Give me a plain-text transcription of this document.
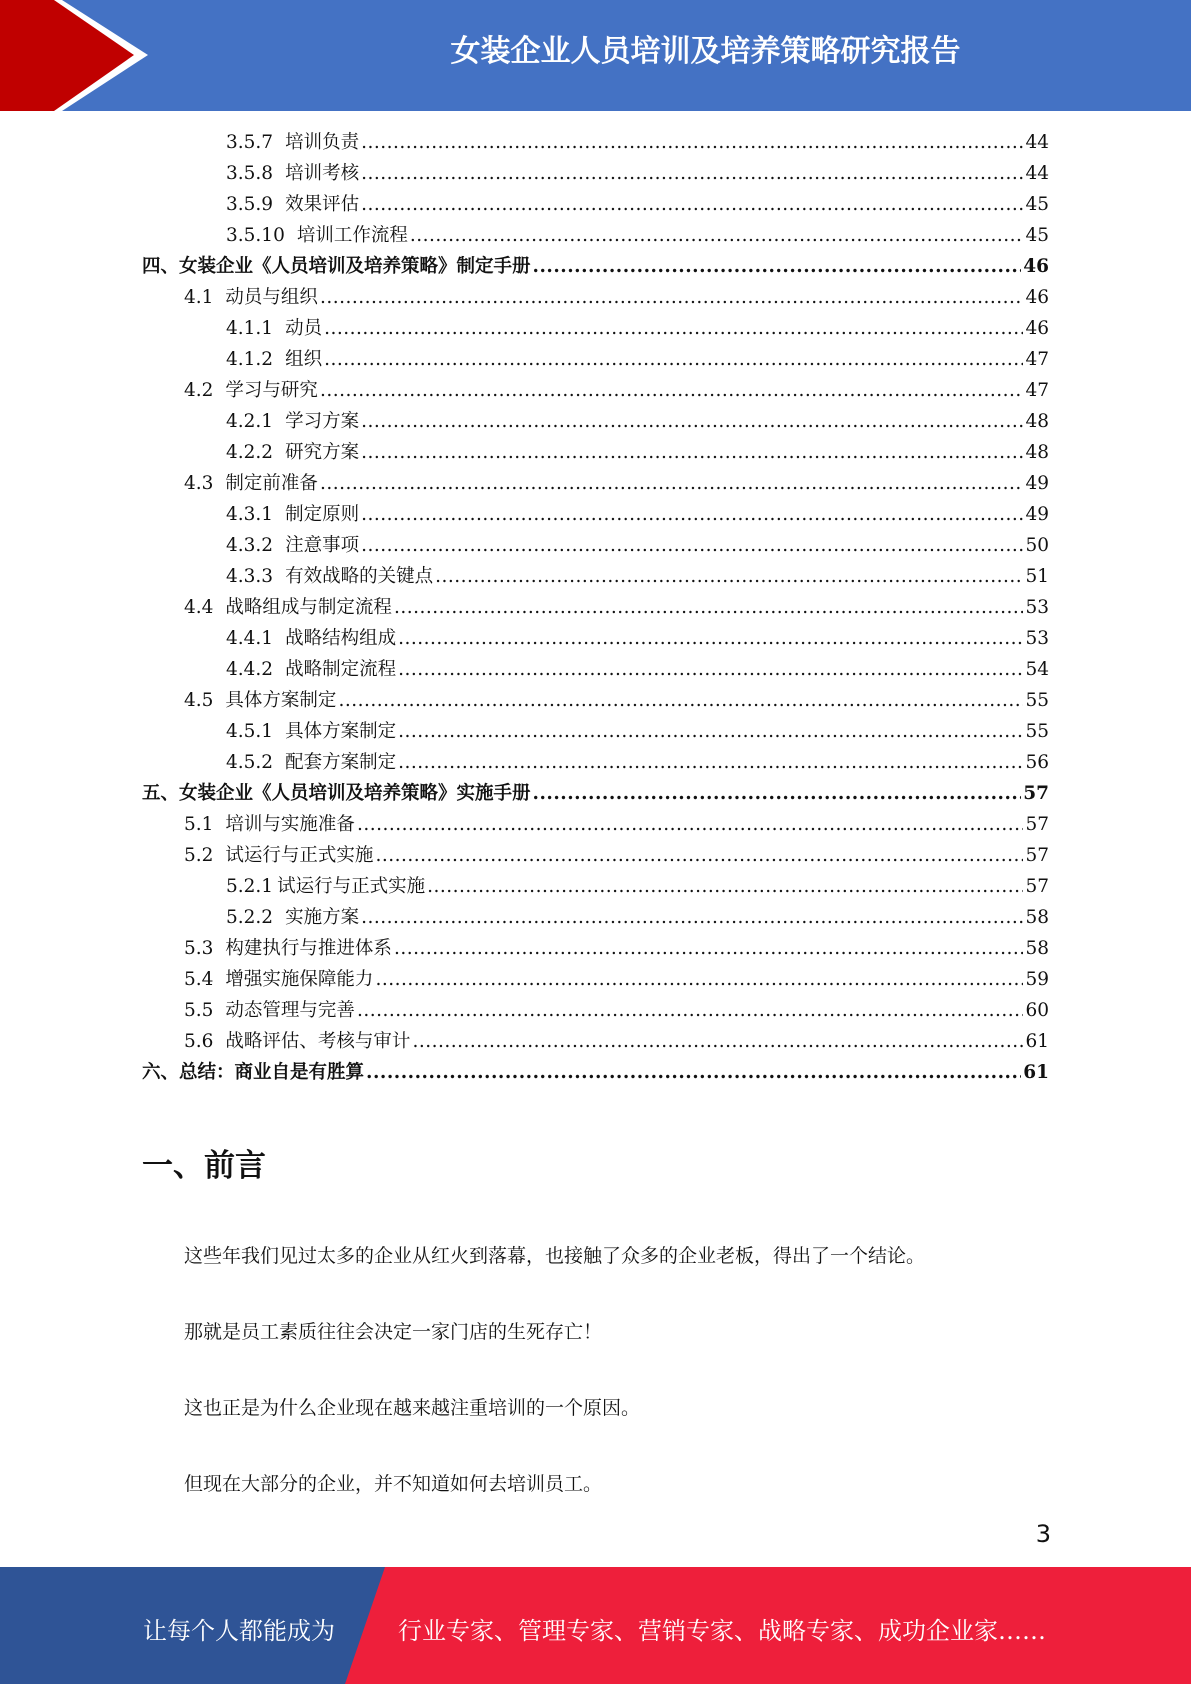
女装企业人员培训及培养策略研究报告
3.5.7 培训负责 .....	44
3.5.8 培训考核 .....	44
3.5.9 效果评估 .....	45
3.5.10 培训工作流程 .....	45
四、女装企业《人员培训及培养策略》制定手册 .....	46
4.1 动员与组织 .....	46
4.1.1 动员 .....	46
4.1.2 组织 .....	47
4.2 学习与研究 .....	47
4.2.1 学习方案 .....	48
4.2.2 研究方案 .....	48
4.3 制定前准备 .....	49
4.3.1 制定原则 .....	49
4.3.2 注意事项 .....	50
4.3.3 有效战略的关键点 .....	51
4.4 战略组成与制定流程 .....	53
4.4.1 战略结构组成 .....	53
4.4.2 战略制定流程 .....	54
4.5 具体方案制定 .....	55
4.5.1 具体方案制定 .....	55
4.5.2 配套方案制定 .....	56
五、女装企业《人员培训及培养策略》实施手册 .....	57
5.1 培训与实施准备 .....	57
5.2 试运行与正式实施 .....	57
5.2.1 试运行与正式实施 .....	57
5.2.2 实施方案 .....	58
5.3 构建执行与推进体系 .....	58
5.4 增强实施保障能力 .....	59
5.5 动态管理与完善 .....	60
5.6 战略评估、考核与审计 .....	61
六、总结：商业自是有胜算 .....	61
一、前言
这些年我们见过太多的企业从红火到落幕，也接触了众多的企业老板，得出了一个结论。
那就是员工素质往往会决定一家门店的生死存亡！
这也正是为什么企业现在越来越注重培训的一个原因。
但现在大部分的企业，并不知道如何去培训员工。
3
让每个人都能成为	行业专家、管理专家、营销专家、战略专家、成功企业家……
